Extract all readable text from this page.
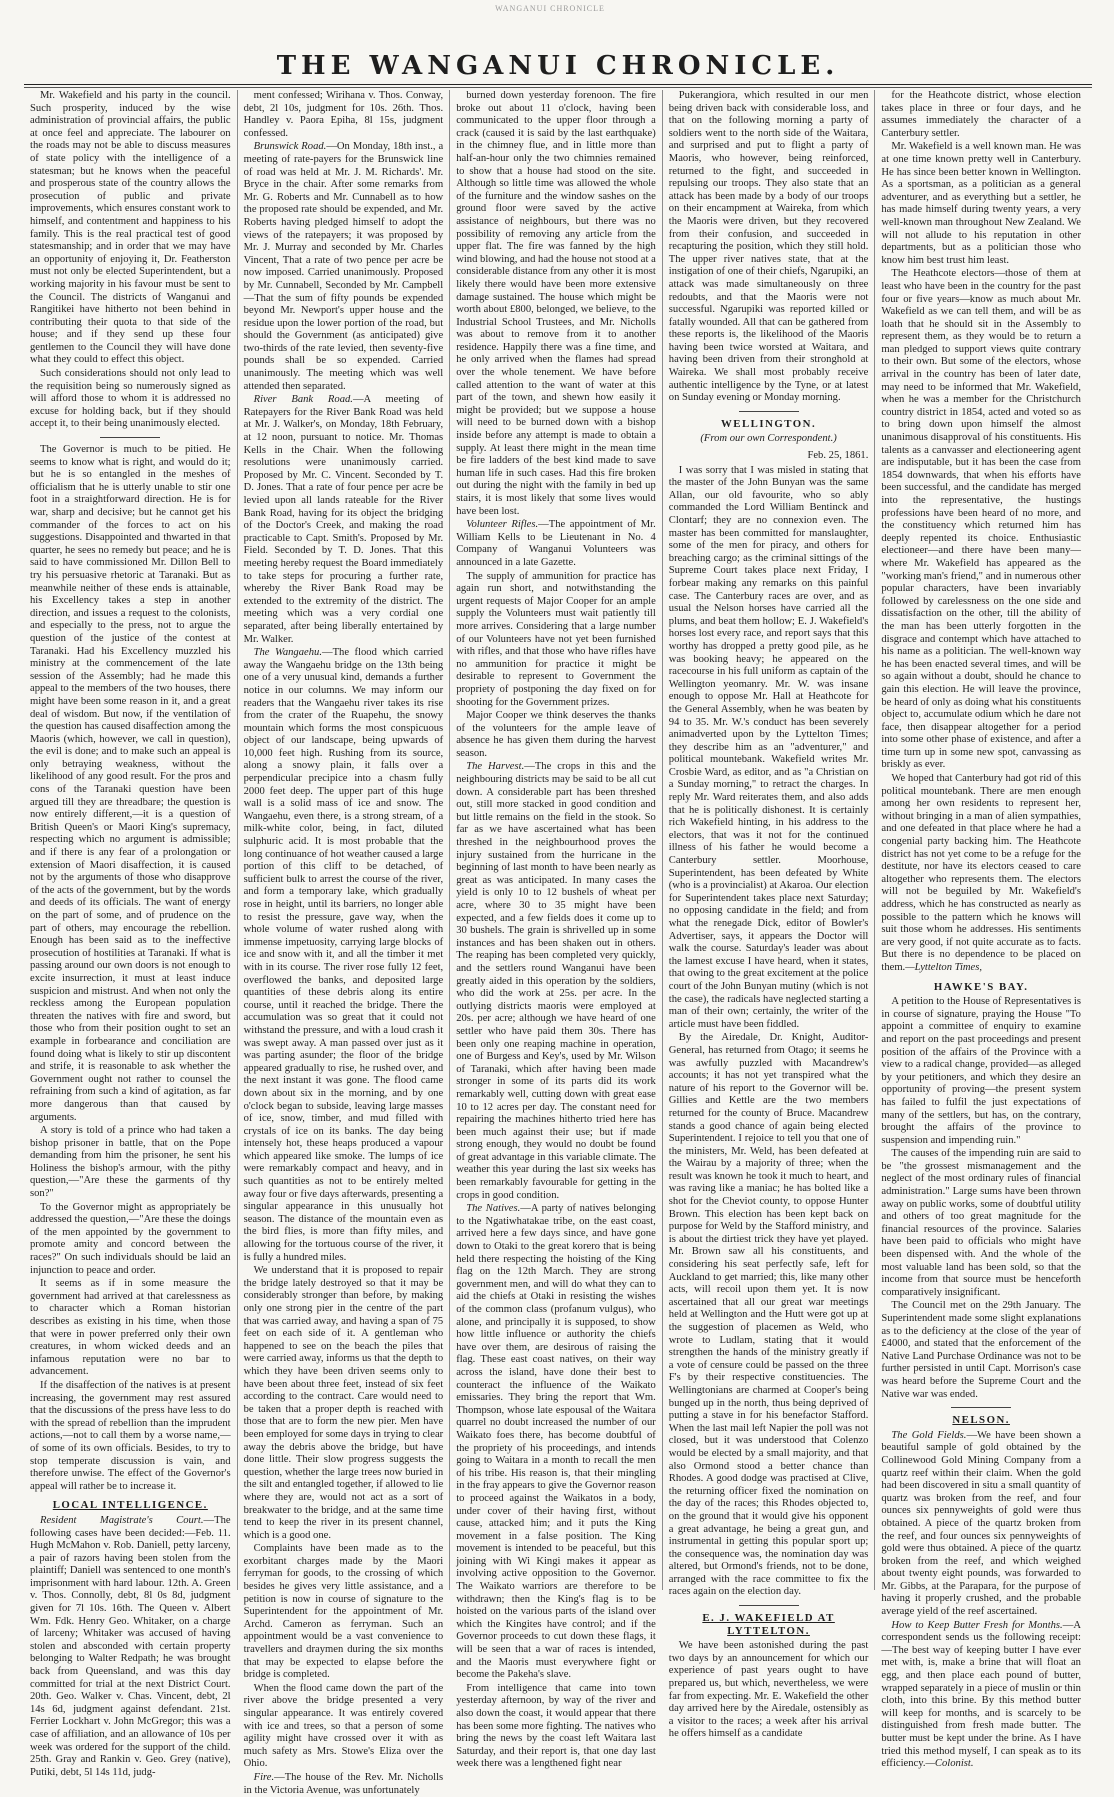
WANGANUI CHRONICLE
THE WANGANUI CHRONICLE.

Mr. Wakefield and his party in the council. Such prosperity, induced by the wise administration of provincial affairs, the public at once feel and appreciate. The labourer on the roads may not be able to discuss measures of state policy with the intelligence of a statesman; but he knows when the peaceful and prosperous state of the country allows the prosecution of public and private improvements, which ensures constant work to himself, and contentment and happiness to his family. This is the real practical test of good statesmanship; and in order that we may have an opportunity of enjoying it, Dr. Featherston must not only be elected Superintendent, but a working majority in his favour must be sent to the Council. The districts of Wanganui and Rangitikei have hitherto not been behind in contributing their quota to that side of the house; and if they send up these four gentlemen to the Council they will have done what they could to effect this object.

Such considerations should not only lead to the requisition being so numerously signed as will afford those to whom it is addressed no excuse for holding back, but if they should accept it, to their being unanimously elected.

The Governor is much to be pitied. He seems to know what is right, and would do it; but he is so entangled in the meshes of officialism that he is utterly unable to stir one foot in a straightforward direction. He is for war, sharp and decisive; but he cannot get his commander of the forces to act on his suggestions. Disappointed and thwarted in that quarter, he sees no remedy but peace; and he is said to have commissioned Mr. Dillon Bell to try his persuasive rhetoric at Taranaki. But as meanwhile neither of these ends is attainable, his Excellency takes a step in another direction, and issues a request to the colonists, and especially to the press, not to argue the question of the justice of the contest at Taranaki. Had his Excellency muzzled his ministry at the commencement of the late session of the Assembly; had he made this appeal to the members of the two houses, there might have been some reason in it, and a great deal of wisdom. But now, if the ventilation of the question has caused disaffection among the Maoris (which, however, we call in question), the evil is done; and to make such an appeal is only betraying weakness, without the likelihood of any good result. For the pros and cons of the Taranaki question have been argued till they are threadbare; the question is now entirely different,—it is a question of British Queen's or Maori King's supremacy, respecting which no argument is admissible; and if there is any fear of a prolongation or extension of Maori disaffection, it is caused not by the arguments of those who disapprove of the acts of the government, but by the words and deeds of its officials. The want of energy on the part of some, and of prudence on the part of others, may encourage the rebellion. Enough has been said as to the ineffective prosecution of hostilities at Taranaki. If what is passing around our own doors is not enough to excite insurrection, it must at least induce suspicion and mistrust. And when not only the reckless among the European population threaten the natives with fire and sword, but those who from their position ought to set an example in forbearance and conciliation are found doing what is likely to stir up discontent and strife, it is reasonable to ask whether the Government ought not rather to counsel the refraining from such a kind of agitation, as far more dangerous than that caused by arguments.

A story is told of a prince who had taken a bishop prisoner in battle, that on the Pope demanding from him the prisoner, he sent his Holiness the bishop's armour, with the pithy question,—"Are these the garments of thy son?"

To the Governor might as appropriately be addressed the question,—"Are these the doings of the men appointed by the government to promote amity and concord between the races?" On such individuals should be laid an injunction to peace and order.

It seems as if in some measure the government had arrived at that carelessness as to character which a Roman historian describes as existing in his time, when those that were in power preferred only their own creatures, in whom wicked deeds and an infamous reputation were no bar to advancement.

If the disaffection of the natives is at present increasing, the government may rest assured that the discussions of the press have less to do with the spread of rebellion than the imprudent actions,—not to call them by a worse name,—of some of its own officials. Besides, to try to stop temperate discussion is vain, and therefore unwise. The effect of the Governor's appeal will rather be to increase it.

LOCAL INTELLIGENCE.

Resident Magistrate's Court.—The following cases have been decided:—Feb. 11. Hugh McMahon v. Rob. Daniell, petty larceny, a pair of razors having been stolen from the plaintiff; Daniell was sentenced to one month's imprisonment with hard labour. 12th. A. Green v. Thos. Connolly, debt, 8l 0s 8d, judgment given for 7l 10s. 16th. The Queen v. Albert Wm. Fdk. Henry Geo. Whitaker, on a charge of larceny; Whitaker was accused of having stolen and absconded with certain property belonging to Walter Redpath; he was brought back from Queensland, and was this day committed for trial at the next District Court. 20th. Geo. Walker v. Chas. Vincent, debt, 2l 14s 6d, judgment against defendant. 21st. Ferrier Lockhart v. John McGregor; this was a case of affiliation, and an allowance of 10s per week was ordered for the support of the child. 25th. Gray and Rankin v. Geo. Grey (native), Putiki, debt, 5l 14s 11d, judg-

ment confessed; Wirihana v. Thos. Conway, debt, 2l 10s, judgment for 10s. 26th. Thos. Handley v. Paora Epiha, 8l 15s, judgment confessed.

Brunswick Road.—On Monday, 18th inst., a meeting of rate-payers for the Brunswick line of road was held at Mr. J. M. Richards'. Mr. Bryce in the chair. After some remarks from Mr. G. Roberts and Mr. Cunnabell as to how the proposed rate should be expended, and Mr. Roberts having pledged himself to adopt the views of the ratepayers; it was proposed by Mr. J. Murray and seconded by Mr. Charles Vincent, That a rate of two pence per acre be now imposed. Carried unanimously. Proposed by Mr. Cunnabell, Seconded by Mr. Campbell—That the sum of fifty pounds be expended beyond Mr. Newport's upper house and the residue upon the lower portion of the road, but should the Government (as anticipated) give two-thirds of the rate levied, then seventy-five pounds shall be so expended. Carried unanimously. The meeting which was well attended then separated.

River Bank Road.—A meeting of Ratepayers for the River Bank Road was held at Mr. J. Walker's, on Monday, 18th February, at 12 noon, pursuant to notice. Mr. Thomas Kells in the Chair. When the following resolutions were unanimously carried. Proposed by Mr. C. Vincent. Seconded by T. D. Jones. That a rate of four pence per acre be levied upon all lands rateable for the River Bank Road, having for its object the bridging of the Doctor's Creek, and making the road practicable to Capt. Smith's. Proposed by Mr. Field. Seconded by T. D. Jones. That this meeting hereby request the Board immediately to take steps for procuring a further rate, whereby the River Bank Road may be extended to the extremity of the district. The meeting which was a very cordial one separated, after being liberally entertained by Mr. Walker.

The Wangaehu.—The flood which carried away the Wangaehu bridge on the 13th being one of a very unusual kind, demands a further notice in our columns. We may inform our readers that the Wangaehu river takes its rise from the crater of the Ruapehu, the snowy mountain which forms the most conspicuous object of our landscape, being upwards of 10,000 feet high. Rushing from its source, along a snowy plain, it falls over a perpendicular precipice into a chasm fully 2000 feet deep. The upper part of this huge wall is a solid mass of ice and snow. The Wangaehu, even there, is a strong stream, of a milk-white color, being, in fact, diluted sulphuric acid. It is most probable that the long continuance of hot weather caused a large portion of this cliff to be detached, of sufficient bulk to arrest the course of the river, and form a temporary lake, which gradually rose in height, until its barriers, no longer able to resist the pressure, gave way, when the whole volume of water rushed along with immense impetuosity, carrying large blocks of ice and snow with it, and all the timber it met with in its course. The river rose fully 12 feet, overflowed the banks, and deposited large quantities of these debris along its entire course, until it reached the bridge. There the accumulation was so great that it could not withstand the pressure, and with a loud crash it was swept away. A man passed over just as it was parting asunder; the floor of the bridge appeared gradually to rise, he rushed over, and the next instant it was gone. The flood came down about six in the morning, and by one o'clock began to subside, leaving large masses of ice, snow, timber, and mud filled with crystals of ice on its banks. The day being intensely hot, these heaps produced a vapour which appeared like smoke. The lumps of ice were remarkably compact and heavy, and in such quantities as not to be entirely melted away four or five days afterwards, presenting a singular appearance in this unusually hot season. The distance of the mountain even as the bird flies, is more than fifty miles, and allowing for the tortuous course of the river, it is fully a hundred miles.

We understand that it is proposed to repair the bridge lately destroyed so that it may be considerably stronger than before, by making only one strong pier in the centre of the part that was carried away, and having a span of 75 feet on each side of it. A gentleman who happened to see on the beach the piles that were carried away, informs us that the depth to which they have been driven seems only to have been about three feet, instead of six feet according to the contract. Care would need to be taken that a proper depth is reached with those that are to form the new pier. Men have been employed for some days in trying to clear away the debris above the bridge, but have done little. Their slow progress suggests the question, whether the large trees now buried in the silt and entangled together, if allowed to lie where they are, would not act as a sort of breakwater to the bridge, and at the same time tend to keep the river in its present channel, which is a good one.

Complaints have been made as to the exorbitant charges made by the Maori ferryman for goods, to the crossing of which besides he gives very little assistance, and a petition is now in course of signature to the Superintendent for the appointment of Mr. Archd. Cameron as ferryman. Such an appointment would be a vast convenience to travellers and draymen during the six months that may be expected to elapse before the bridge is completed.

When the flood came down the part of the river above the bridge presented a very singular appearance. It was entirely covered with ice and trees, so that a person of some agility might have crossed over it with as much safety as Mrs. Stowe's Eliza over the Ohio.

Fire.—The house of the Rev. Mr. Nicholls in the Victoria Avenue, was unfortunately

burned down yesterday forenoon. The fire broke out about 11 o'clock, having been communicated to the upper floor through a crack (caused it is said by the last earthquake) in the chimney flue, and in little more than half-an-hour only the two chimnies remained to show that a house had stood on the site. Although so little time was allowed the whole of the furniture and the window sashes on the ground floor were saved by the active assistance of neighbours, but there was no possibility of removing any article from the upper flat. The fire was fanned by the high wind blowing, and had the house not stood at a considerable distance from any other it is most likely there would have been more extensive damage sustained. The house which might be worth about £800, belonged, we believe, to the Industrial School Trustees, and Mr. Nicholls was about to remove from it to another residence. Happily there was a fine time, and he only arrived when the flames had spread over the whole tenement. We have before called attention to the want of water at this part of the town, and shewn how easily it might be provided; but we suppose a house will need to be burned down with a bishop inside before any attempt is made to obtain a supply. At least there might in the mean time be fire ladders of the best kind made to save human life in such cases. Had this fire broken out during the night with the family in bed up stairs, it is most likely that some lives would have been lost.

Volunteer Rifles.—The appointment of Mr. William Kells to be Lieutenant in No. 4 Company of Wanganui Volunteers was announced in a late Gazette.

The supply of ammunition for practice has again run short, and notwithstanding the urgent requests of Major Cooper for an ample supply the Volunteers must wait patiently till more arrives. Considering that a large number of our Volunteers have not yet been furnished with rifles, and that those who have rifles have no ammunition for practice it might be desirable to represent to Government the propriety of postponing the day fixed on for shooting for the Government prizes.

Major Cooper we think deserves the thanks of the volunteers for the ample leave of absence he has given them during the harvest season.

The Harvest.—The crops in this and the neighbouring districts may be said to be all cut down. A considerable part has been threshed out, still more stacked in good condition and but little remains on the field in the stook. So far as we have ascertained what has been threshed in the neighbourhood proves the injury sustained from the hurricane in the beginning of last month to have been nearly as great as was anticipated. In many cases the yield is only 10 to 12 bushels of wheat per acre, where 30 to 35 might have been expected, and a few fields does it come up to 30 bushels. The grain is shrivelled up in some instances and has been shaken out in others. The reaping has been completed very quickly, and the settlers round Wanganui have been greatly aided in this operation by the soldiers, who did the work at 25s. per acre. In the outlying districts maoris were employed at 20s. per acre; although we have heard of one settler who have paid them 30s. There has been only one reaping machine in operation, one of Burgess and Key's, used by Mr. Wilson of Taranaki, which after having been made stronger in some of its parts did its work remarkably well, cutting down with great ease 10 to 12 acres per day. The constant need for repairing the machines hitherto tried here has been much against their use; but if made strong enough, they would no doubt be found of great advantage in this variable climate. The weather this year during the last six weeks has been remarkably favourable for getting in the crops in good condition.

The Natives.—A party of natives belonging to the Ngatiwhatakae tribe, on the east coast, arrived here a few days since, and have gone down to Otaki to the great korero that is being held there respecting the hoisting of the King flag on the 12th March. They are strong government men, and will do what they can to aid the chiefs at Otaki in resisting the wishes of the common class (profanum vulgus), who alone, and principally it is supposed, to show how little influence or authority the chiefs have over them, are desirous of raising the flag. These east coast natives, on their way across the island, have done their best to counteract the influence of the Waikato emissaries. They bring the report that Wm. Thompson, whose late espousal of the Waitara quarrel no doubt increased the number of our Waikato foes there, has become doubtful of the propriety of his proceedings, and intends going to Waitara in a month to recall the men of his tribe. His reason is, that their mingling in the fray appears to give the Governor reason to proceed against the Waikatos in a body, under cover of their having first, without cause, attacked him; and it puts the King movement in a false position. The King movement is intended to be peaceful, but this joining with Wi Kingi makes it appear as involving active opposition to the Governor. The Waikato warriors are therefore to be withdrawn; then the King's flag is to be hoisted on the various parts of the island over which the Kingites have control; and if the Governor proceeds to cut down these flags, it will be seen that a war of races is intended, and the Maoris must everywhere fight or become the Pakeha's slave.

From intelligence that came into town yesterday afternoon, by way of the river and also down the coast, it would appear that there has been some more fighting. The natives who bring the news by the coast left Waitara last Saturday, and their report is, that one day last week there was a lengthened fight near

Pukerangiora, which resulted in our men being driven back with considerable loss, and that on the following morning a party of soldiers went to the north side of the Waitara, and surprised and put to flight a party of Maoris, who however, being reinforced, returned to the fight, and succeeded in repulsing our troops. They also state that an attack has been made by a body of our troops on their encampment at Waireka, from which the Maoris were driven, but they recovered from their confusion, and succeeded in recapturing the position, which they still hold. The upper river natives state, that at the instigation of one of their chiefs, Ngarupiki, an attack was made simultaneously on three redoubts, and that the Maoris were not successful. Ngarupiki was reported killed or fatally wounded. All that can be gathered from these reports is, the likelihood of the Maoris having been twice worsted at Waitara, and having been driven from their stronghold at Waireka. We shall most probably receive authentic intelligence by the Tyne, or at latest on Sunday evening or Monday morning.

WELLINGTON.
(From our own Correspondent.)
Feb. 25, 1861.

I was sorry that I was misled in stating that the master of the John Bunyan was the same Allan, our old favourite, who so ably commanded the Lord William Bentinck and Clontarf; they are no connexion even. The master has been committed for manslaughter, some of the men for piracy, and others for breaching cargo; as the criminal sittings of the Supreme Court takes place next Friday, I forbear making any remarks on this painful case. The Canterbury races are over, and as usual the Nelson horses have carried all the plums, and beat them hollow; E. J. Wakefield's horses lost every race, and report says that this worthy has dropped a pretty good pile, as he was booking heavy; he appeared on the racecourse in his full uniform as captain of the Wellington yeomanry. Mr. W. was insane enough to oppose Mr. Hall at Heathcote for the General Assembly, when he was beaten by 94 to 35. Mr. W.'s conduct has been severely animadverted upon by the Lyttelton Times; they describe him as an "adventurer," and political mountebank. Wakefield writes Mr. Crosbie Ward, as editor, and as "a Christian on a Sunday morning," to retract the charges. In reply Mr. Ward reiterates them, and also adds that he is politically dishonest. It is certainly rich Wakefield hinting, in his address to the electors, that was it not for the continued illness of his father he would become a Canterbury settler. Moorhouse, Superintendent, has been defeated by White (who is a provincialist) at Akaroa. Our election for Superintendent takes place next Saturday; no opposing candidate in the field; and from what the renegade Dick, editor of Bowler's Advertiser, says, it appears the Doctor will walk the course. Saturday's leader was about the lamest excuse I have heard, when it states, that owing to the great excitement at the police court of the John Bunyan mutiny (which is not the case), the radicals have neglected starting a man of their own; certainly, the writer of the article must have been fiddled.

By the Airedale, Dr. Knight, Auditor-General, has returned from Otago; it seems he was awfully puzzled with Macandrew's accounts; it has not yet transpired what the nature of his report to the Governor will be. Gillies and Kettle are the two members returned for the county of Bruce. Macandrew stands a good chance of again being elected Superintendent. I rejoice to tell you that one of the ministers, Mr. Weld, has been defeated at the Wairau by a majority of three; when the result was known he took it much to heart, and was raving like a maniac; he has bolted like a shot for the Cheviot county, to oppose Hunter Brown. This election has been kept back on purpose for Weld by the Stafford ministry, and is about the dirtiest trick they have yet played. Mr. Brown saw all his constituents, and considering his seat perfectly safe, left for Auckland to get married; this, like many other acts, will recoil upon them yet. It is now ascertained that all our great war meetings held at Wellington and the Hutt were got up at the suggestion of placemen as Weld, who wrote to Ludlam, stating that it would strengthen the hands of the ministry greatly if a vote of censure could be passed on the three F's by their respective constituencies. The Wellingtonians are charmed at Cooper's being bunged up in the north, thus being deprived of putting a stave in for his benefactor Stafford. When the last mail left Napier the poll was not closed, but it was understood that Colenzo would be elected by a small majority, and that also Ormond stood a better chance than Rhodes. A good dodge was practised at Clive, the returning officer fixed the nomination on the day of the races; this Rhodes objected to, on the ground that it would give his opponent a great advantage, he being a great gun, and instrumental in getting this popular sport up; the consequence was, the nomination day was altered, but Ormond's friends, not to be done, arranged with the race committee to fix the races again on the election day.

E. J. WAKEFIELD AT LYTTELTON.

We have been astonished during the past two days by an announcement for which our experience of past years ought to have prepared us, but which, nevertheless, we were far from expecting. Mr. E. Wakefield the other day arrived here by the Airedale, ostensibly as a visitor to the races; a week after his arrival he offers himself as a candidate

for the Heathcote district, whose election takes place in three or four days, and he assumes immediately the character of a Canterbury settler.

Mr. Wakefield is a well known man. He was at one time known pretty well in Canterbury. He has since been better known in Wellington. As a sportsman, as a politician as a general adventurer, and as everything but a settler, he has made himself during twenty years, a very well-known man throughout New Zealand. We will not allude to his reputation in other departments, but as a politician those who know him best trust him least.

The Heathcote electors—those of them at least who have been in the country for the past four or five years—know as much about Mr. Wakefield as we can tell them, and will be as loath that he should sit in the Assembly to represent them, as they would be to return a man pledged to support views quite contrary to their own. But some of the electors, whose arrival in the country has been of later date, may need to be informed that Mr. Wakefield, when he was a member for the Christchurch country district in 1854, acted and voted so as to bring down upon himself the almost unanimous disapproval of his constituents. His talents as a canvasser and electioneering agent are indisputable, but it has been the case from 1854 downwards, that when his efforts have been successful, and the candidate has merged into the representative, the hustings professions have been heard of no more, and the constituency which returned him has deeply repented its choice. Enthusiastic electioneer—and there have been many—where Mr. Wakefield has appeared as the "working man's friend," and in numerous other popular characters, have been invariably followed by carelessness on the one side and dissatisfaction on the other, till the ability of the man has been utterly forgotten in the disgrace and contempt which have attached to his name as a politician. The well-known way he has been enacted several times, and will be so again without a doubt, should he chance to gain this election. He will leave the province, be heard of only as doing what his constituents object to, accumulate odium which he dare not face, then disappear altogether for a period into some other phase of existence, and after a time turn up in some new spot, canvassing as briskly as ever.

We hoped that Canterbury had got rid of this political mountebank. There are men enough among her own residents to represent her, without bringing in a man of alien sympathies, and one defeated in that place where he had a congenial party backing him. The Heathcote district has not yet come to be a refuge for the destitute, nor have its electors ceased to care altogether who represents them. The electors will not be beguiled by Mr. Wakefield's address, which he has constructed as nearly as possible to the pattern which he knows will suit those whom he addresses. His sentiments are very good, if not quite accurate as to facts. But there is no dependence to be placed on them.—Lyttelton Times,

HAWKE'S BAY.

A petition to the House of Representatives is in course of signature, praying the House "To appoint a committee of enquiry to examine and report on the past proceedings and present position of the affairs of the Province with a view to a radical change, provided—as alleged by your petitioners, and which they desire an opportunity of proving—the present system has failed to fulfil the just expectations of many of the settlers, but has, on the contrary, brought the affairs of the province to suspension and impending ruin."

The causes of the impending ruin are said to be "the grossest mismanagement and the neglect of the most ordinary rules of financial administration." Large sums have been thrown away on public works, some of doubtful utility and others of too great magnitude for the financial resources of the province. Salaries have been paid to officials who might have been dispensed with. And the whole of the most valuable land has been sold, so that the income from that source must be henceforth comparatively insignificant.

The Council met on the 29th January. The Superintendent made some slight explanations as to the deficiency at the close of the year of £4000, and stated that the enforcement of the Native Land Purchase Ordinance was not to be further persisted in until Capt. Morrison's case was heard before the Supreme Court and the Native war was ended.

NELSON.

The Gold Fields.—We have been shown a beautiful sample of gold obtained by the Collinewood Gold Mining Company from a quartz reef within their claim. When the gold had been discovered in situ a small quantity of quartz was broken from the reef, and four ounces six pennyweights of gold were thus obtained. A piece of the quartz broken from the reef, and four ounces six pennyweights of gold were thus obtained. A piece of the quartz broken from the reef, and which weighed about twenty eight pounds, was forwarded to Mr. Gibbs, at the Parapara, for the purpose of having it properly crushed, and the probable average yield of the reef ascertained.

How to Keep Butter Fresh for Months.—A correspondent sends us the following receipt:—The best way of keeping butter I have ever met with, is, make a brine that will float an egg, and then place each pound of butter, wrapped separately in a piece of muslin or thin cloth, into this brine. By this method butter will keep for months, and is scarcely to be distinguished from fresh made butter. The butter must be kept under the brine. As I have tried this method myself, I can speak as to its efficiency.—Colonist.
